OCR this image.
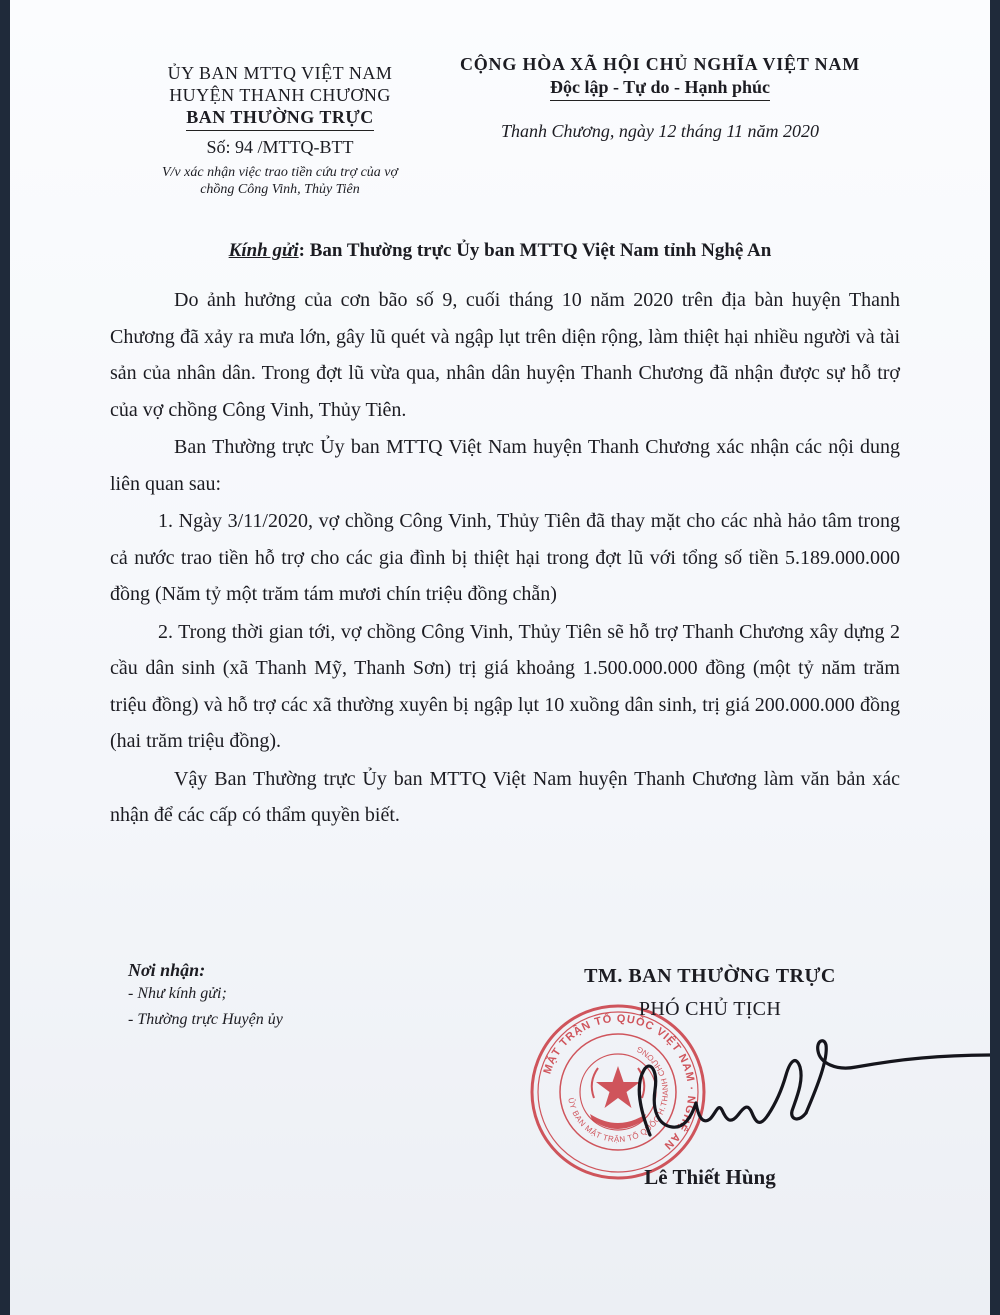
ỦY BAN MTTQ VIỆT NAM
HUYỆN THANH CHƯƠNG
BAN THƯỜNG TRỰC
Số: 94 /MTTQ-BTT
V/v xác nhận việc trao tiền cứu trợ của vợ
chồng Công Vinh, Thủy Tiên
CỘNG HÒA XÃ HỘI CHỦ NGHĨA VIỆT NAM
Độc lập - Tự do - Hạnh phúc
Thanh Chương, ngày 12 tháng 11 năm 2020
Kính gửi: Ban Thường trực Ủy ban MTTQ Việt Nam tỉnh Nghệ An

Do ảnh hưởng của cơn bão số 9, cuối tháng 10 năm 2020 trên địa bàn huyện Thanh Chương đã xảy ra mưa lớn, gây lũ quét và ngập lụt trên diện rộng, làm thiệt hại nhiều người và tài sản của nhân dân. Trong đợt lũ vừa qua, nhân dân huyện Thanh Chương đã nhận được sự hỗ trợ của vợ chồng Công Vinh, Thủy Tiên.

Ban Thường trực Ủy ban MTTQ Việt Nam huyện Thanh Chương xác nhận các nội dung liên quan sau:

1. Ngày 3/11/2020, vợ chồng Công Vinh, Thủy Tiên đã thay mặt cho các nhà hảo tâm trong cả nước trao tiền hỗ trợ cho các gia đình bị thiệt hại trong đợt lũ với tổng số tiền 5.189.000.000 đồng (Năm tỷ một trăm tám mươi chín triệu đồng chẵn)

2. Trong thời gian tới, vợ chồng Công Vinh, Thủy Tiên sẽ hỗ trợ Thanh Chương xây dựng 2 cầu dân sinh (xã Thanh Mỹ, Thanh Sơn) trị giá khoảng 1.500.000.000 đồng (một tỷ năm trăm triệu đồng) và hỗ trợ các xã thường xuyên bị ngập lụt 10 xuồng dân sinh, trị giá 200.000.000 đồng (hai trăm triệu đồng).

Vậy Ban Thường trực Ủy ban MTTQ Việt Nam huyện Thanh Chương làm văn bản xác nhận để các cấp có thẩm quyền biết.

Nơi nhận:
- Như kính gửi;
- Thường trực Huyện ủy
MẶT TRẬN TỔ QUỐC VIỆT NAM · NGHỆ AN
ỦY BAN MẶT TRẬN TỔ QUỐC H.THANH CHƯƠNG
TM. BAN THƯỜNG TRỰC
PHÓ CHỦ TỊCH
Lê Thiết Hùng
